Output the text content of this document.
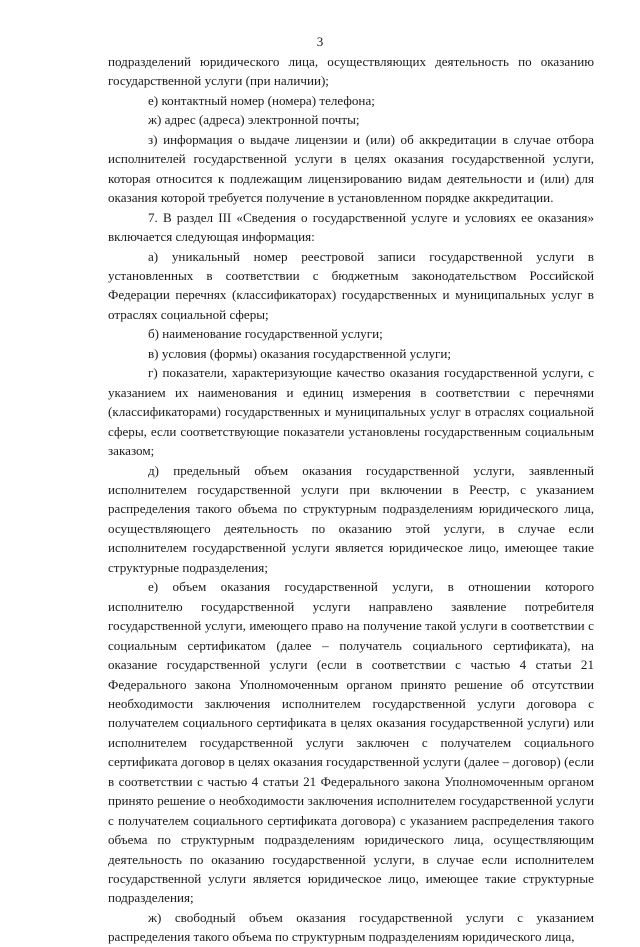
3

подразделений юридического лица, осуществляющих деятельность по оказанию государственной услуги (при наличии);

е) контактный номер (номера) телефона;

ж) адрес (адреса) электронной почты;

з) информация о выдаче лицензии и (или) об аккредитации в случае отбора исполнителей государственной услуги в целях оказания государственной услуги, которая относится к подлежащим лицензированию видам деятельности и (или) для оказания которой требуется получение в установленном порядке аккредитации.

7. В раздел III «Сведения о государственной услуге и условиях ее оказания» включается следующая информация:

а) уникальный номер реестровой записи государственной услуги в установленных в соответствии с бюджетным законодательством Российской Федерации перечнях (классификаторах) государственных и муниципальных услуг в отраслях социальной сферы;

б) наименование государственной услуги;

в) условия (формы) оказания государственной услуги;

г) показатели, характеризующие качество оказания государственной услуги, с указанием их наименования и единиц измерения в соответствии с перечнями (классификаторами) государственных и муниципальных услуг в отраслях социальной сферы, если соответствующие показатели установлены государственным социальным заказом;

д) предельный объем оказания государственной услуги, заявленный исполнителем государственной услуги при включении в Реестр, с указанием распределения такого объема по структурным подразделениям юридического лица, осуществляющего деятельность по оказанию этой услуги, в случае если исполнителем государственной услуги является юридическое лицо, имеющее такие структурные подразделения;

е) объем оказания государственной услуги, в отношении которого исполнителю государственной услуги направлено заявление потребителя государственной услуги, имеющего право на получение такой услуги в соответствии с социальным сертификатом (далее – получатель социального сертификата), на оказание государственной услуги (если в соответствии с частью 4 статьи 21 Федерального закона Уполномоченным органом принято решение об отсутствии необходимости заключения исполнителем государственной услуги договора с получателем социального сертификата в целях оказания государственной услуги) или исполнителем государственной услуги заключен с получателем социального сертификата договор в целях оказания государственной услуги (далее – договор) (если в соответствии с частью 4 статьи 21 Федерального закона Уполномоченным органом принято решение о необходимости заключения исполнителем государственной услуги с получателем социального сертификата договора) с указанием распределения такого объема по структурным подразделениям юридического лица, осуществляющим деятельность по оказанию государственной услуги, в случае если исполнителем государственной услуги является юридическое лицо, имеющее такие структурные подразделения;

ж) свободный объем оказания государственной услуги с указанием распределения такого объема по структурным подразделениям юридического лица,
